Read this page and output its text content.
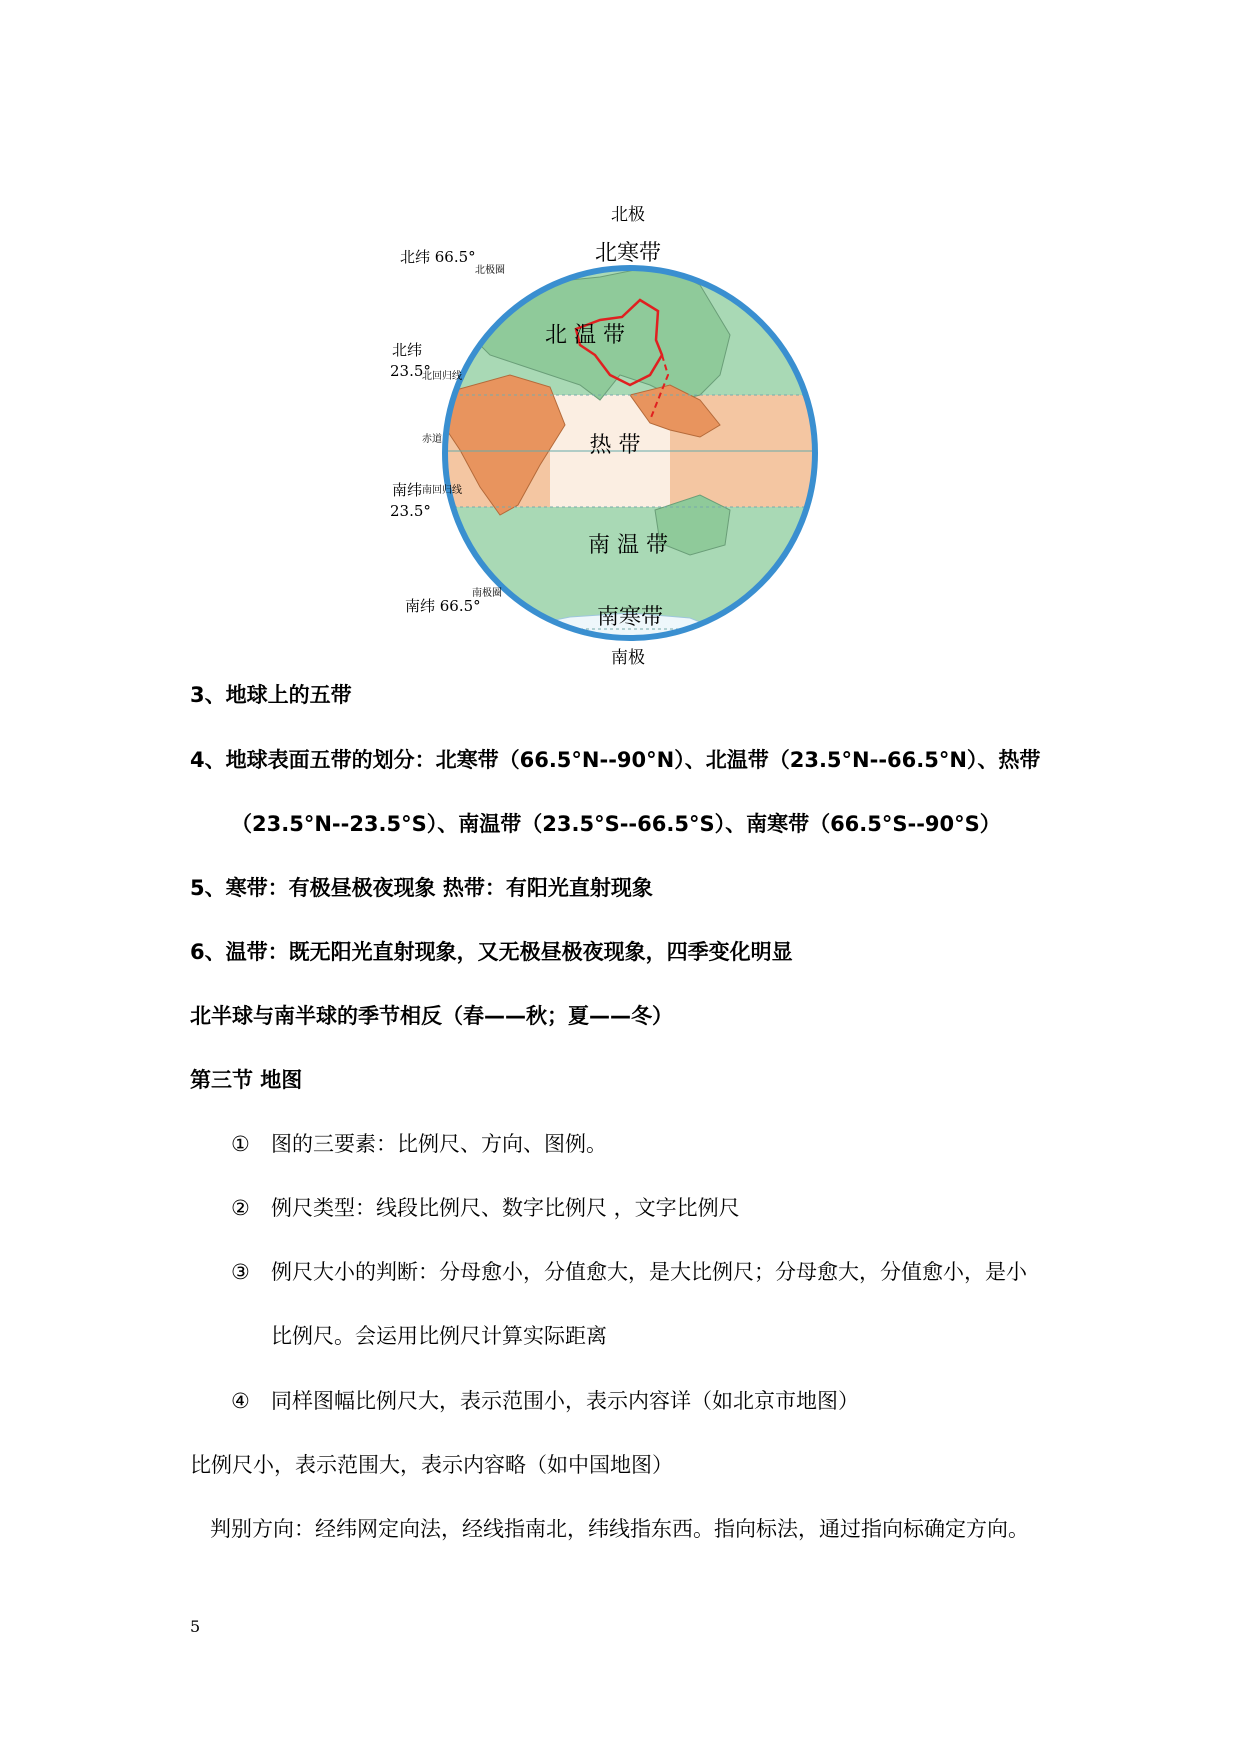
北极
南极
北纬 66.5°
北纬
23.5°
南纬
23.5°
南纬 66.5°
北极圈
北回归线
赤道
南回归线
南极圈
北寒带
北 温 带
热 带
南 温 带
南寒带
3、地球上的五带
4、地球表面五带的划分：北寒带（66.5°N--90°N）、北温带（23.5°N--66.5°N）、热带
（23.5°N--23.5°S）、南温带（23.5°S--66.5°S）、南寒带（66.5°S--90°S）
5、寒带：有极昼极夜现象 热带：有阳光直射现象
6、温带：既无阳光直射现象，又无极昼极夜现象，四季变化明显
北半球与南半球的季节相反（春——秋；夏——冬）
第三节 地图
① 图的三要素：比例尺、方向、图例。
② 例尺类型：线段比例尺、数字比例尺 ，文字比例尺
③ 例尺大小的判断：分母愈小，分值愈大，是大比例尺；分母愈大，分值愈小，是小
比例尺。会运用比例尺计算实际距离
④ 同样图幅比例尺大，表示范围小，表示内容详（如北京市地图）
比例尺小，表示范围大，表示内容略（如中国地图）
判别方向：经纬网定向法，经线指南北，纬线指东西。指向标法，通过指向标确定方向。
5
